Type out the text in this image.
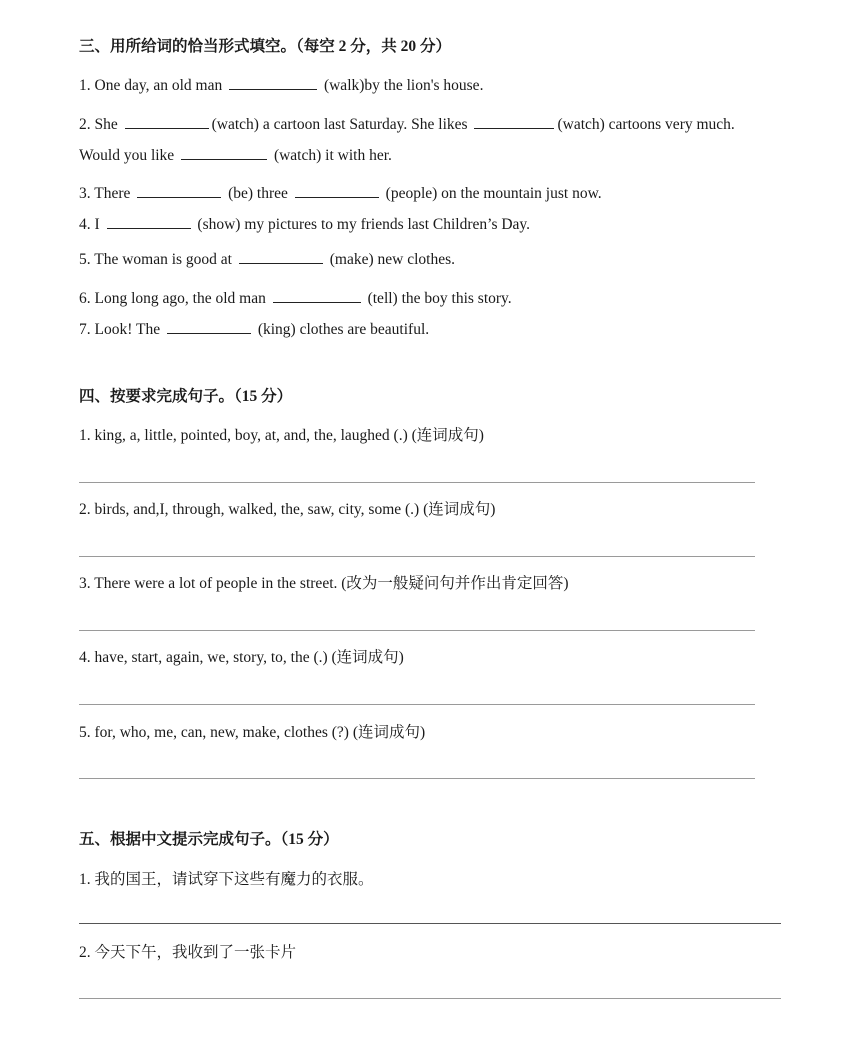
三、用所给词的恰当形式填空。（每空 2 分，共 20 分）
1. One day, an old man	(walk)by the lion's house.
2. She	(watch) a cartoon last Saturday. She likes	(watch) cartoons very much.
Would you like	(watch) it with her.
3. There	(be) three	(people) on the mountain just now.
4. I	(show) my pictures to my friends last Children’s Day.
5. The woman is good at	(make) new clothes.
6. Long long ago, the old man	(tell) the boy this story.
7. Look! The	(king) clothes are beautiful.
四、按要求完成句子。（15 分）
1. king, a, little, pointed, boy, at, and, the, laughed (.) (连词成句)
2. birds, and,I, through, walked, the, saw, city, some (.) (连词成句)
3. There were a lot of people in the street. (改为一般疑问句并作出肯定回答)
4. have, start, again, we, story, to, the (.) (连词成句)
5. for, who, me, can, new, make, clothes (?) (连词成句)
五、根据中文提示完成句子。（15 分）
1. 我的国王，请试穿下这些有魔力的衣服。
2. 今天下午，我收到了一张卡片
